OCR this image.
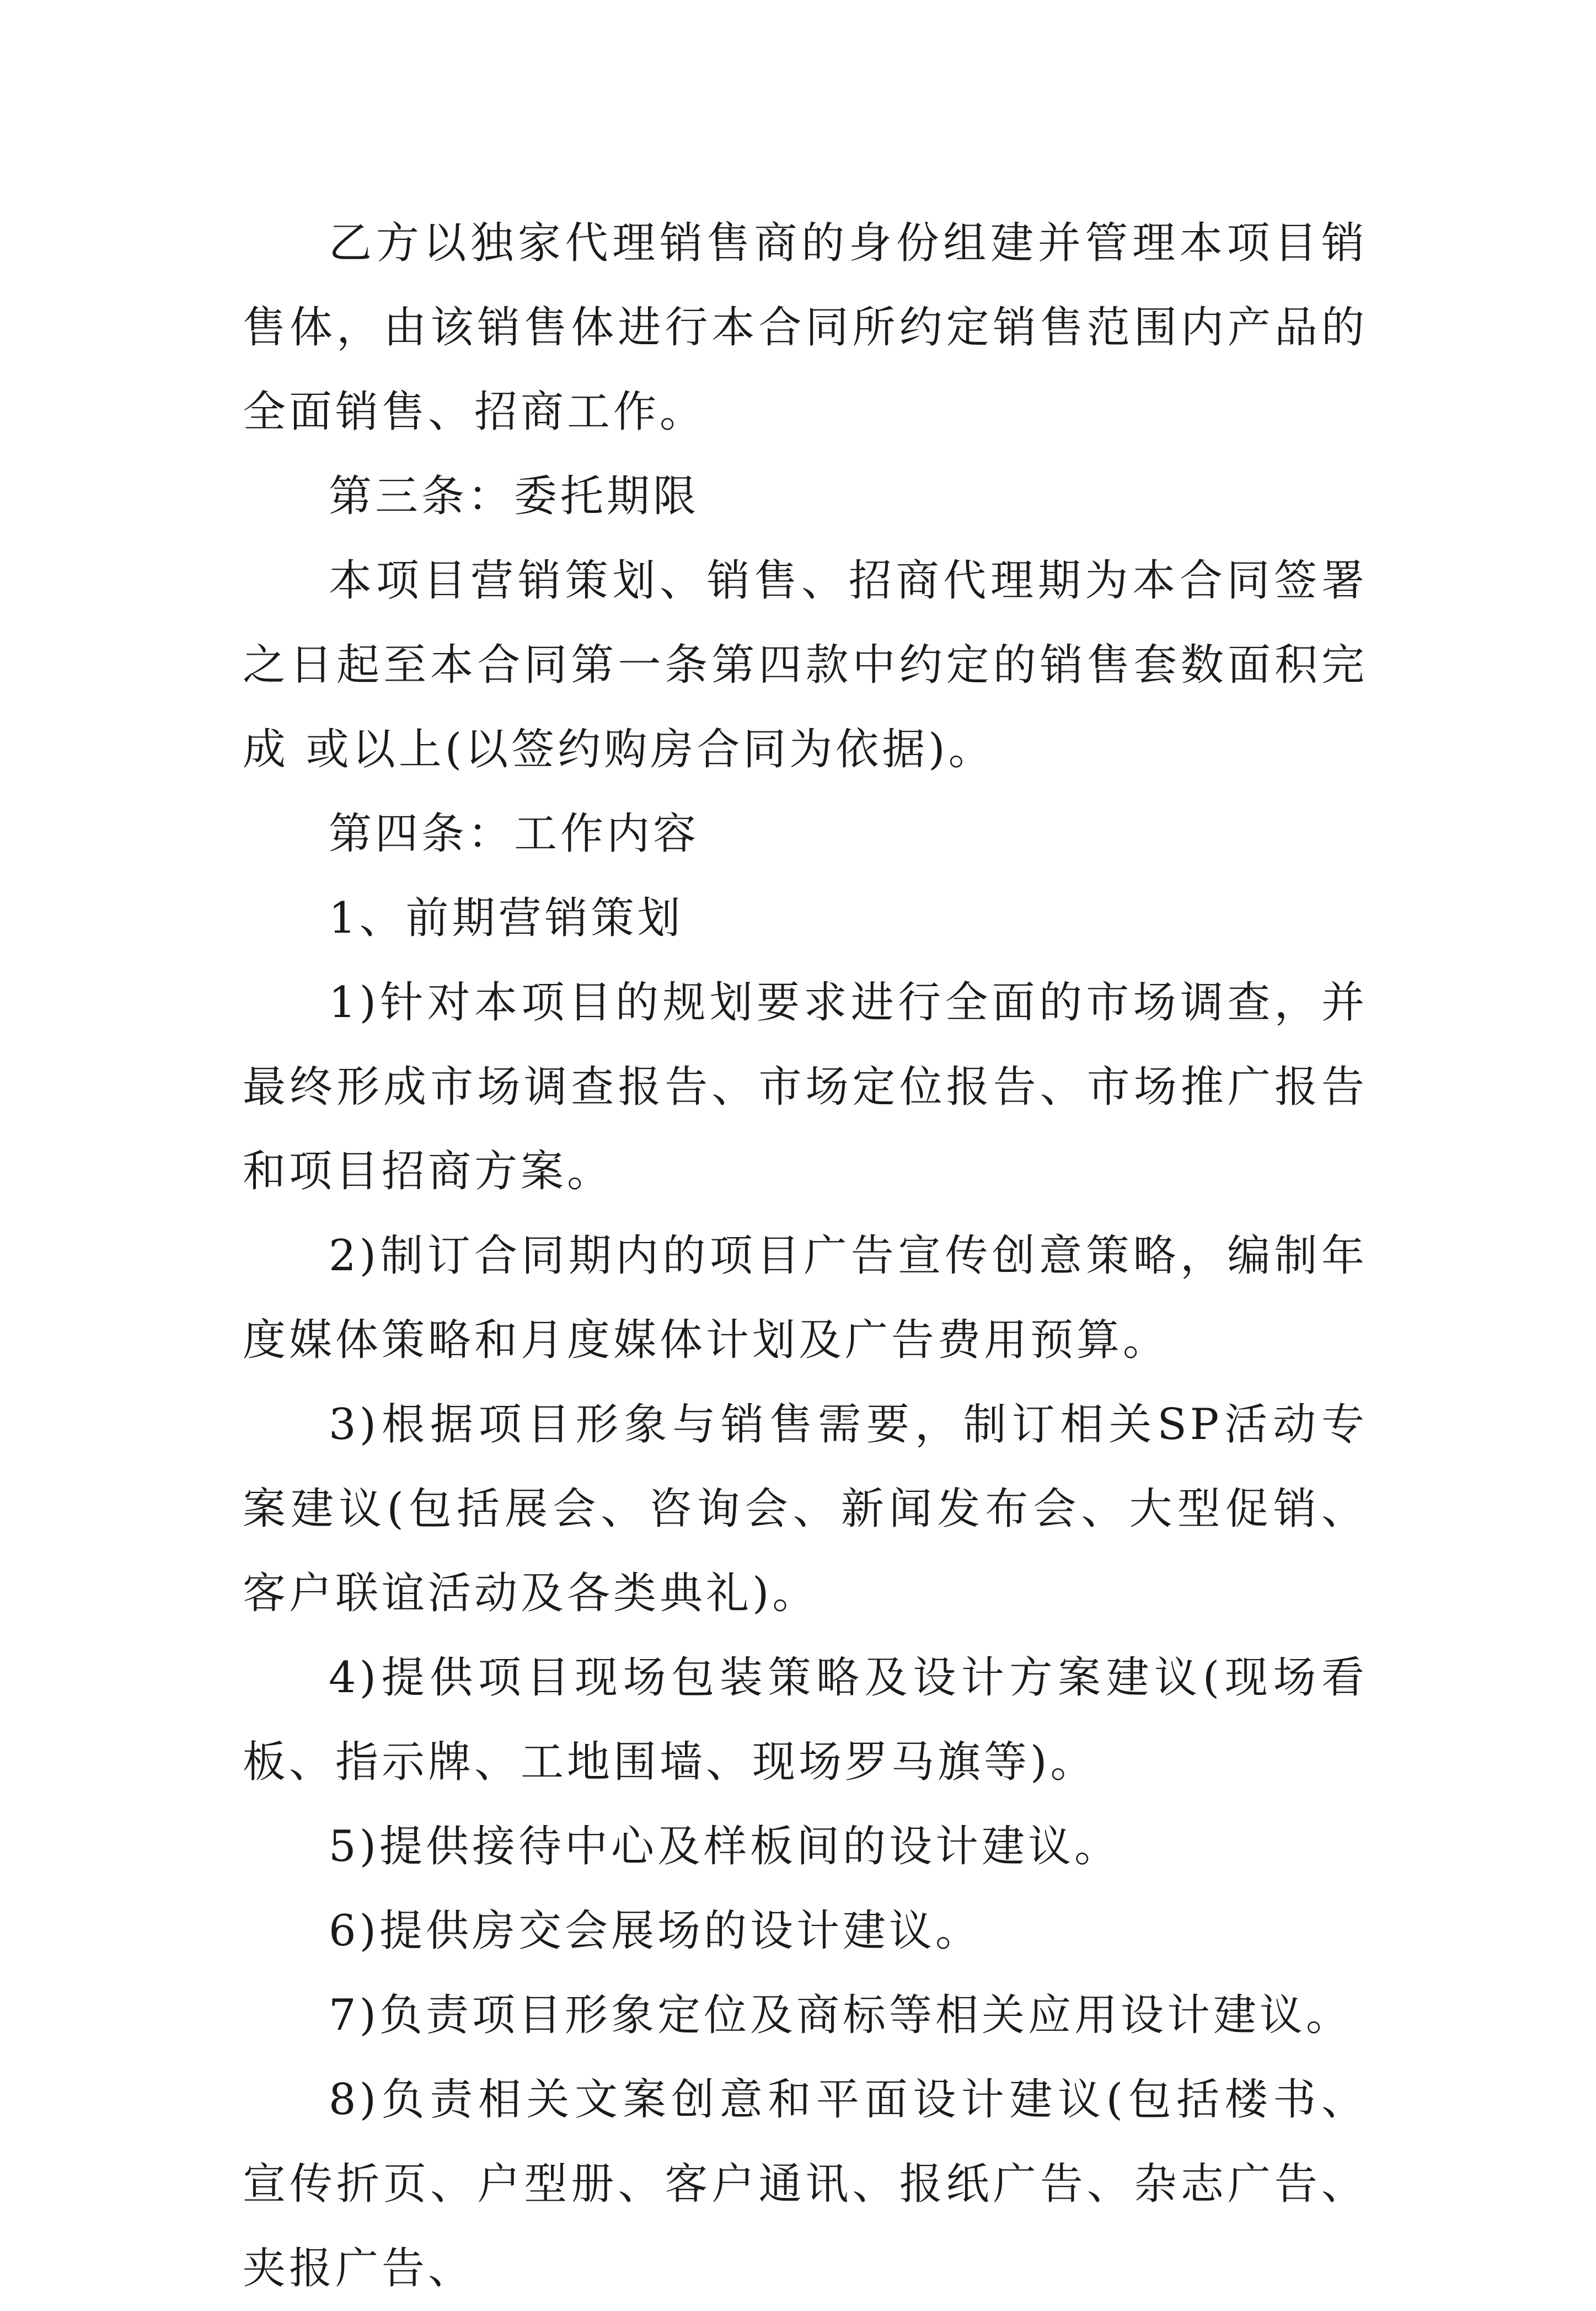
乙方以独家代理销售商的身份组建并管理本项目销售体，由该销售体进行本合同所约定销售范围内产品的全面销售、招商工作。

第三条：委托期限

本项目营销策划、销售、招商代理期为本合同签署之日起至本合同第一条第四款中约定的销售套数面积完成 或以上(以签约购房合同为依据)。

第四条：工作内容

1、前期营销策划

1)针对本项目的规划要求进行全面的市场调查，并最终形成市场调查报告、市场定位报告、市场推广报告和项目招商方案。

2)制订合同期内的项目广告宣传创意策略，编制年度媒体策略和月度媒体计划及广告费用预算。

3)根据项目形象与销售需要，制订相关SP活动专案建议(包括展会、咨询会、新闻发布会、大型促销、客户联谊活动及各类典礼)。

4)提供项目现场包装策略及设计方案建议(现场看板、指示牌、工地围墙、现场罗马旗等)。

5)提供接待中心及样板间的设计建议。

6)提供房交会展场的设计建议。

7)负责项目形象定位及商标等相关应用设计建议。

8)负责相关文案创意和平面设计建议(包括楼书、宣传折页、户型册、客户通讯、报纸广告、杂志广告、夹报广告、
